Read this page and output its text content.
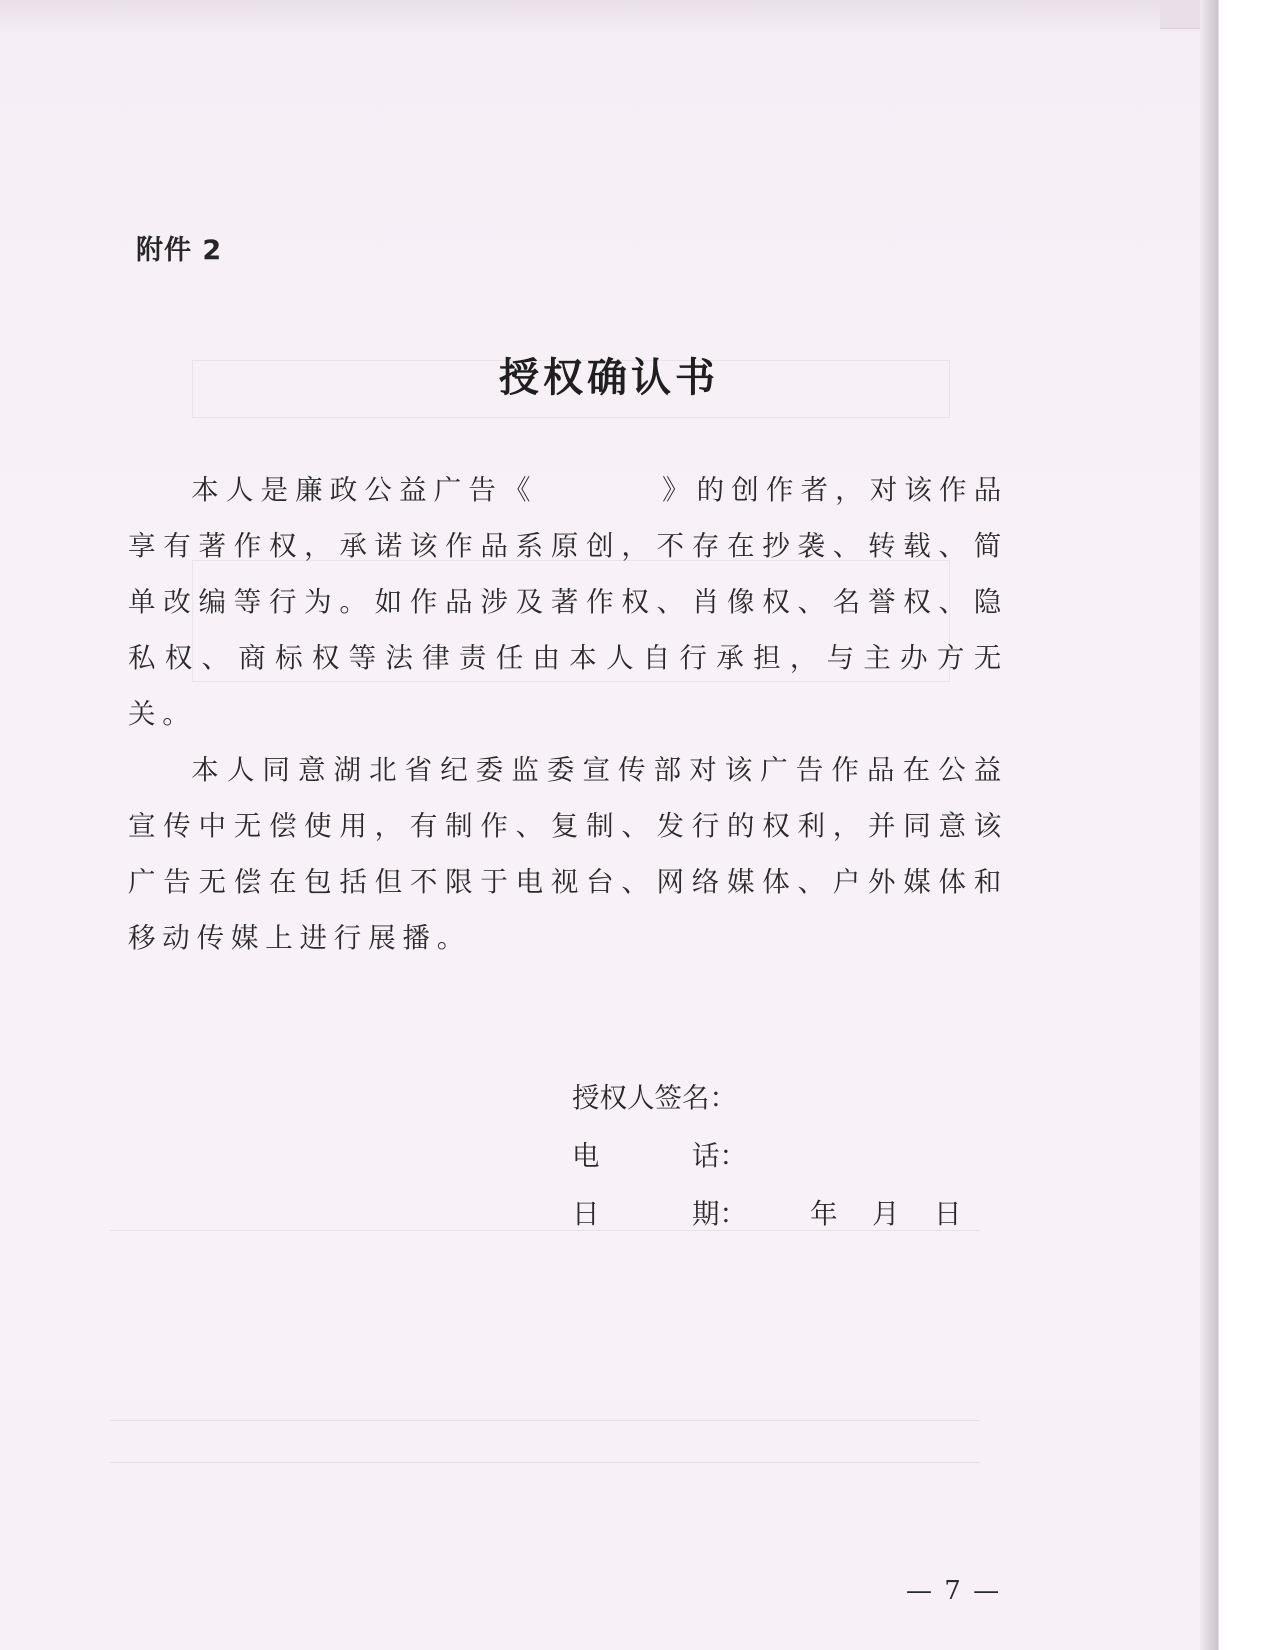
附件 2
授权确认书

本人是廉政公益广告《	》的创作者，对该作品享有著作权，承诺该作品系原创，不存在抄袭、转载、简单改编等行为。如作品涉及著作权、肖像权、名誉权、隐私权、商标权等法律责任由本人自行承担，与主办方无关。

本人同意湖北省纪委监委宣传部对该广告作品在公益宣传中无偿使用，有制作、复制、发行的权利，并同意该广告无偿在包括但不限于电视台、网络媒体、户外媒体和移动传媒上进行展播。

授权人签名：
电	话：
日	期： 年 月 日
— 7 —
